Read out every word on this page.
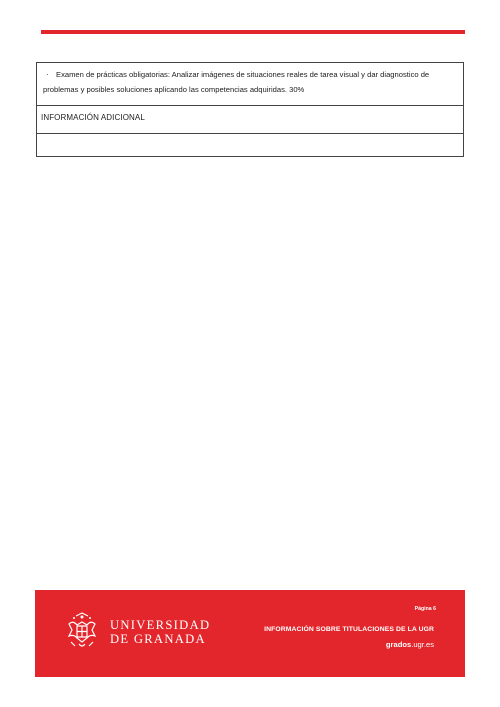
· Examen de prácticas obligatorias: Analizar imágenes de situaciones reales de tarea visual y dar diagnostico de problemas y posibles soluciones aplicando las competencias adquiridas. 30%
INFORMACIÓN ADICIONAL
UNIVERSIDAD
DE GRANADA
Página 6
INFORMACIÓN SOBRE TITULACIONES DE LA UGR
grados.ugr.es
